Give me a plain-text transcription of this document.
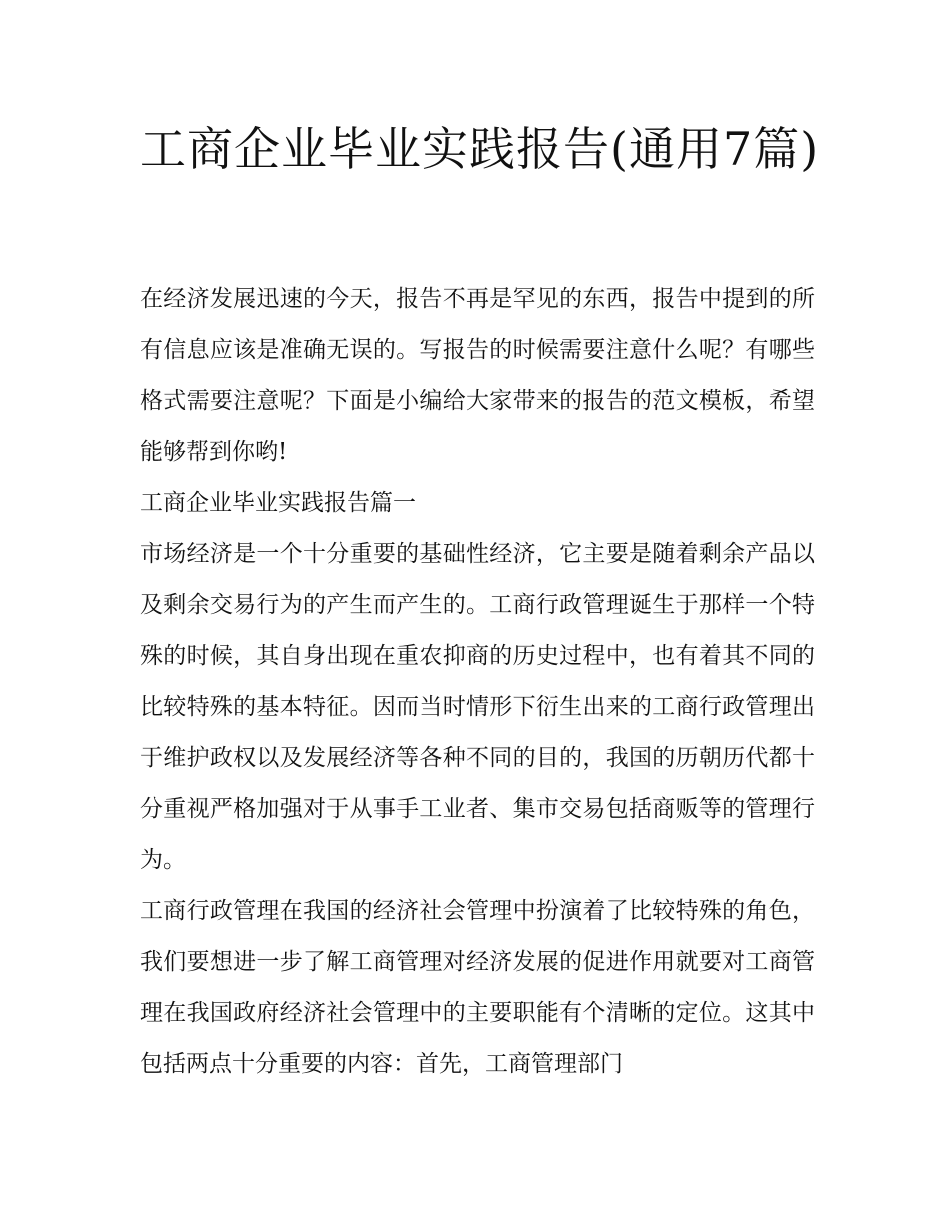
工商企业毕业实践报告(通用7篇)

在经济发展迅速的今天，报告不再是罕见的东西，报告中提到的所有信息应该是准确无误的。写报告的时候需要注意什么呢？有哪些格式需要注意呢？下面是小编给大家带来的报告的范文模板，希望能够帮到你哟!

工商企业毕业实践报告篇一

市场经济是一个十分重要的基础性经济，它主要是随着剩余产品以及剩余交易行为的产生而产生的。工商行政管理诞生于那样一个特殊的时候，其自身出现在重农抑商的历史过程中，也有着其不同的比较特殊的基本特征。因而当时情形下衍生出来的工商行政管理出于维护政权以及发展经济等各种不同的目的，我国的历朝历代都十分重视严格加强对于从事手工业者、集市交易包括商贩等的管理行为。

工商行政管理在我国的经济社会管理中扮演着了比较特殊的角色，我们要想进一步了解工商管理对经济发展的促进作用就要对工商管理在我国政府经济社会管理中的主要职能有个清晰的定位。这其中包括两点十分重要的内容：首先，工商管理部门
